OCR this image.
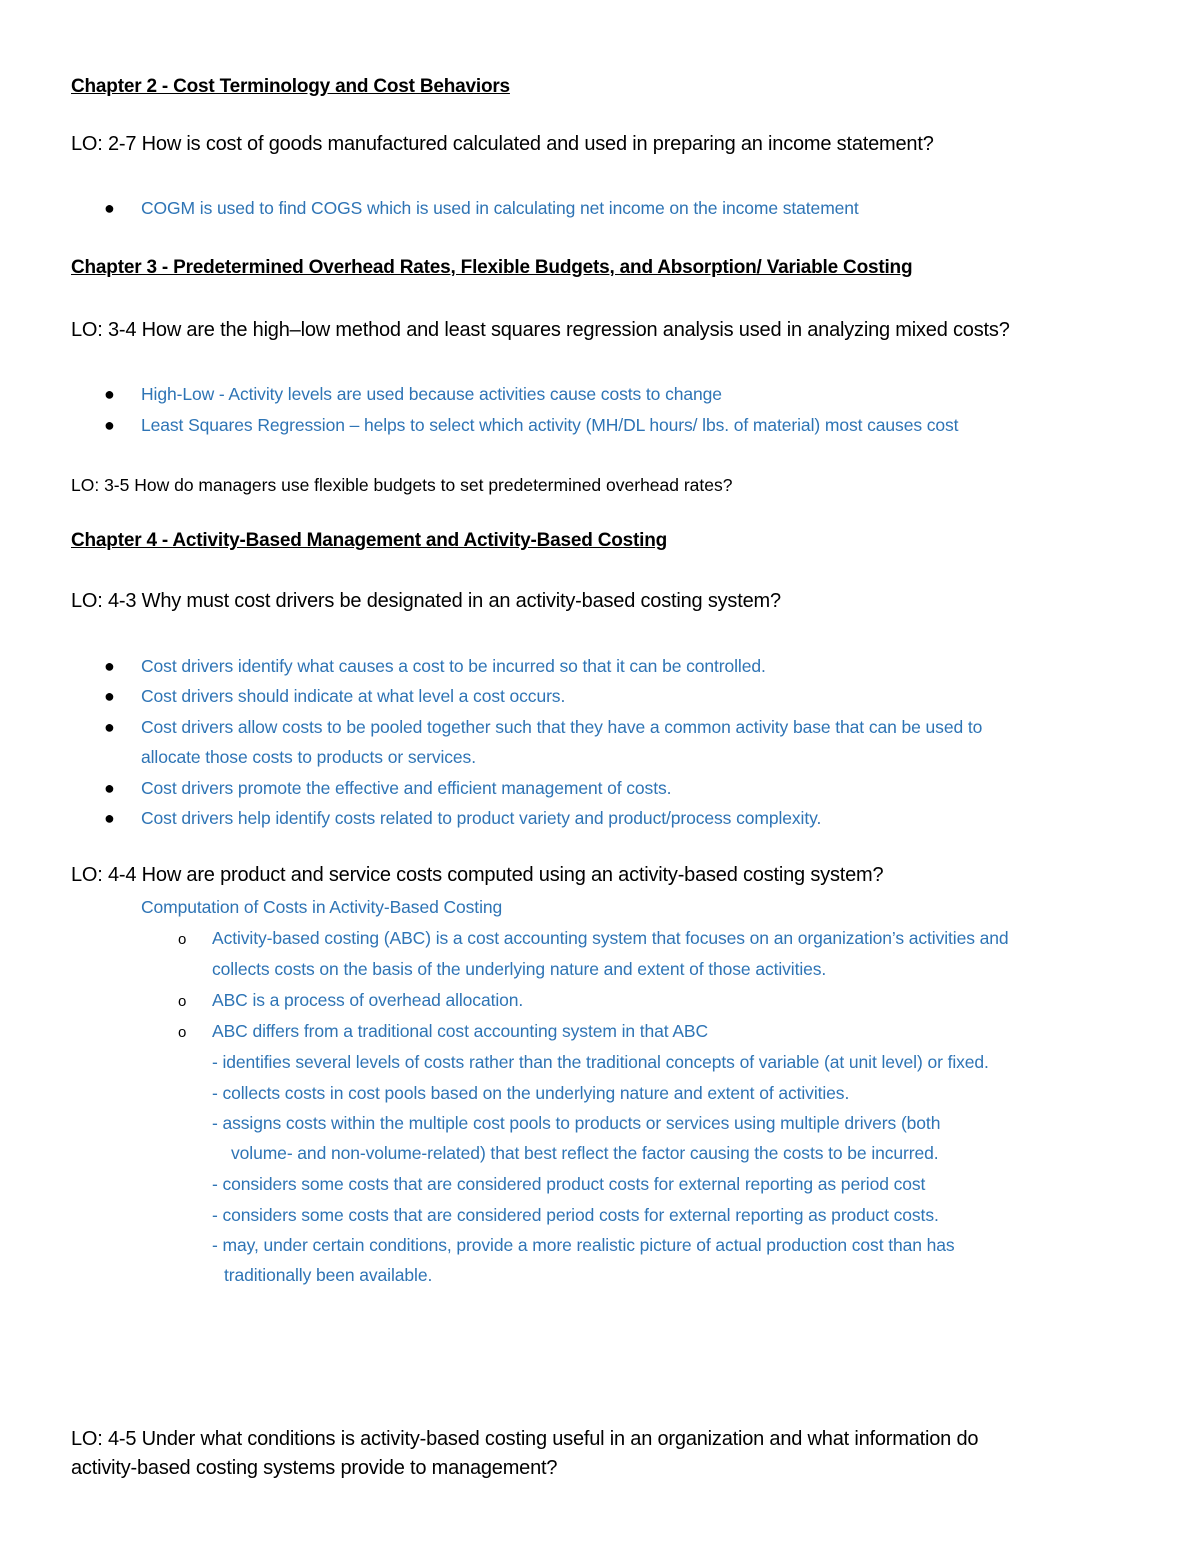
Chapter 2 - Cost Terminology and Cost Behaviors
LO: 2-7 How is cost of goods manufactured calculated and used in preparing an income statement?
● COGM is used to find COGS which is used in calculating net income on the income statement
Chapter 3 - Predetermined Overhead Rates, Flexible Budgets, and Absorption/ Variable Costing
LO: 3-4 How are the high–low method and least squares regression analysis used in analyzing mixed costs?
● High-Low - Activity levels are used because activities cause costs to change
● Least Squares Regression – helps to select which activity (MH/DL hours/ lbs. of material) most causes cost
LO: 3-5 How do managers use flexible budgets to set predetermined overhead rates?
Chapter 4 - Activity-Based Management and Activity-Based Costing
LO: 4-3 Why must cost drivers be designated in an activity-based costing system?
● Cost drivers identify what causes a cost to be incurred so that it can be controlled.
● Cost drivers should indicate at what level a cost occurs.
● Cost drivers allow costs to be pooled together such that they have a common activity base that can be used to
allocate those costs to products or services.
● Cost drivers promote the effective and efficient management of costs.
● Cost drivers help identify costs related to product variety and product/process complexity.
LO: 4-4 How are product and service costs computed using an activity-based costing system?
Computation of Costs in Activity-Based Costing
o Activity-based costing (ABC) is a cost accounting system that focuses on an organization’s activities and
collects costs on the basis of the underlying nature and extent of those activities.
o ABC is a process of overhead allocation.
o ABC differs from a traditional cost accounting system in that ABC
- identifies several levels of costs rather than the traditional concepts of variable (at unit level) or fixed.
- collects costs in cost pools based on the underlying nature and extent of activities.
- assigns costs within the multiple cost pools to products or services using multiple drivers (both
volume- and non-volume-related) that best reflect the factor causing the costs to be incurred.
- considers some costs that are considered product costs for external reporting as period cost
- considers some costs that are considered period costs for external reporting as product costs.
- may, under certain conditions, provide a more realistic picture of actual production cost than has
traditionally been available.
LO: 4-5 Under what conditions is activity-based costing useful in an organization and what information do
activity-based costing systems provide to management?
